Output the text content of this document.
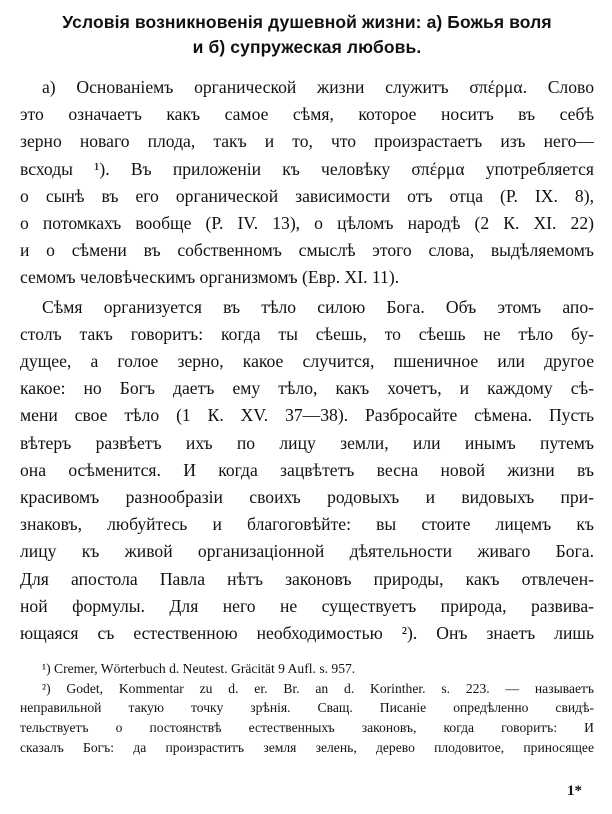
Условія возникновенія душевной жизни: а) Божья воля
и б) супружеская любовь.
а) Основаніемъ органической жизни служитъ σπέρμα. Слово
это означаетъ какъ самое сѣмя, которое носитъ въ себѣ
зерно новаго плода, такъ и то, что произрастаетъ изъ него—
всходы ¹). Въ приложеніи къ человѣку σπέρμα употребляется
о сынѣ въ его органической зависимости отъ отца (Р. IX. 8),
о потомкахъ вообще (Р. IV. 13), о цѣломъ народѣ (2 К. XI. 22)
и о сѣмени въ собственномъ смыслѣ этого слова, выдѣляемомъ
семомъ человѣческимъ организмомъ (Евр. XI. 11).
Сѣмя организуется въ тѣло силою Бога. Объ этомъ апо-
столъ такъ говоритъ: когда ты сѣешь, то сѣешь не тѣло бу-
дущее, а голое зерно, какое случится, пшеничное или другое
какое: но Богъ даетъ ему тѣло, какъ хочетъ, и каждому сѣ-
мени свое тѣло (1 К. XV. 37—38). Разбросайте сѣмена. Пусть
вѣтеръ развѣетъ ихъ по лицу земли, или инымъ путемъ
она осѣменится. И когда зацвѣтетъ весна новой жизни въ
красивомъ разнообразіи своихъ родовыхъ и видовыхъ при-
знаковъ, любуйтесь и благоговѣйте: вы стоите лицемъ къ
лицу къ живой организаціонной дѣятельности живаго Бога.
Для апостола Павла нѣтъ законовъ природы, какъ отвлечен-
ной формулы. Для него не существуетъ природа, развива-
ющаяся съ естественною необходимостью ²). Онъ знаетъ лишь
¹) Cremer, Wörterbuch d. Neutest. Gräcität 9 Aufl. s. 957.
²) Godet, Kommentar zu d. er. Br. an d. Korinther. s. 223. — называетъ
неправильной такую точку зрѣнія. Сващ. Писаніе опредѣленно свидѣ-
тельствуетъ о постоянствѣ естественныхъ законовъ, когда говоритъ: И
сказалъ Богъ: да произраститъ земля зелень, дерево плодовитое, приносящее
1*
